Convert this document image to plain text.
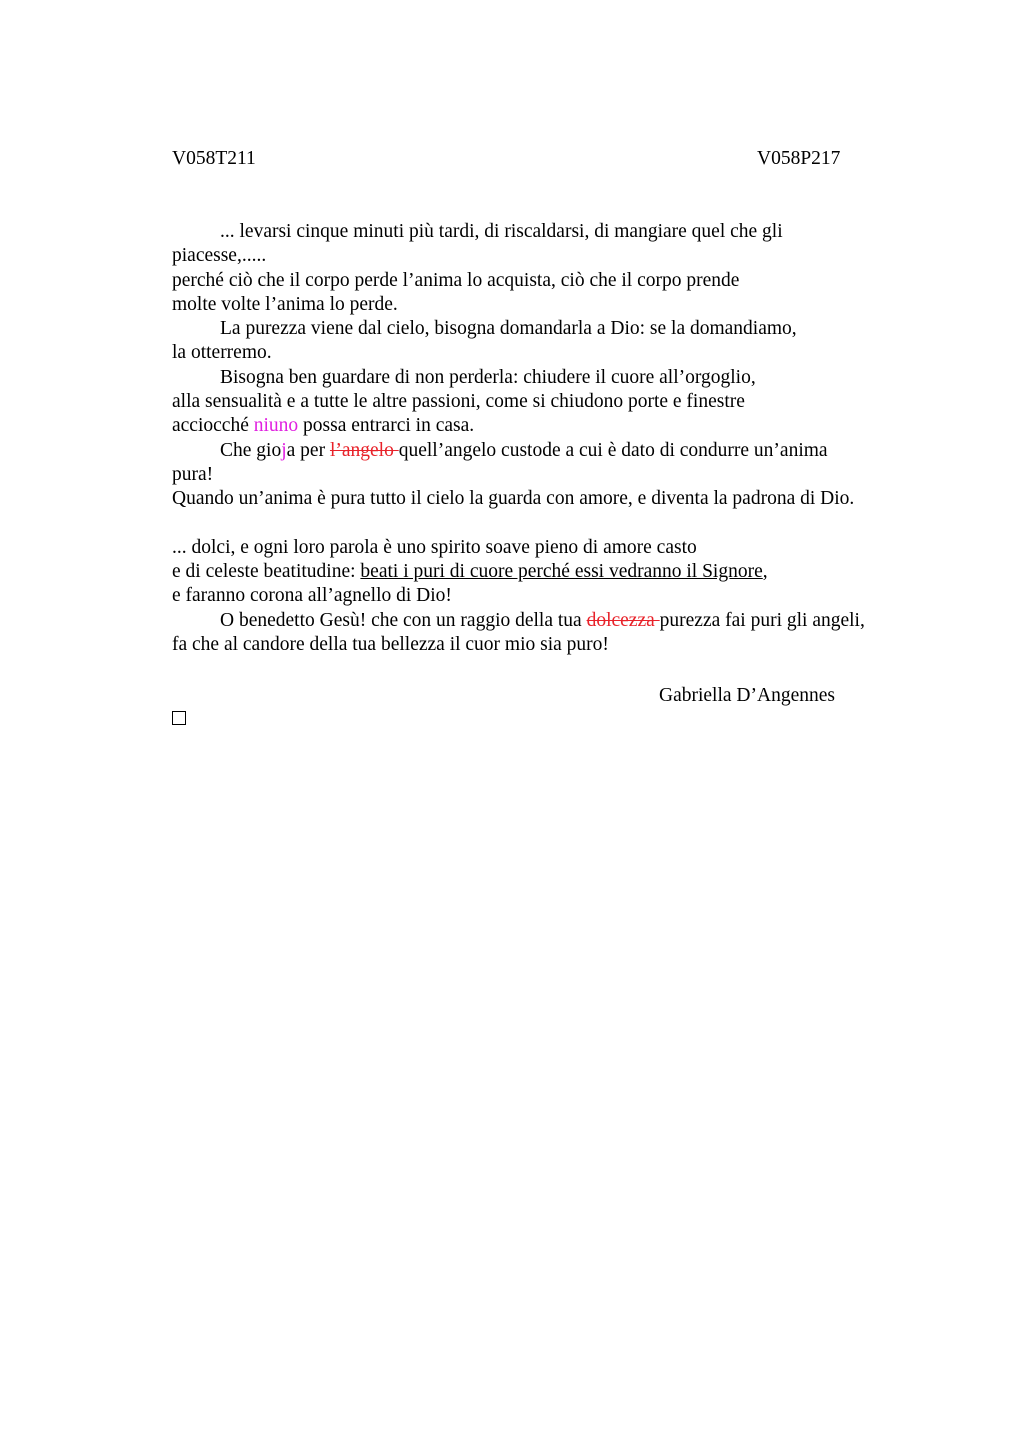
V058T211	V058P217
... levarsi cinque minuti più tardi, di riscaldarsi, di mangiare quel che gli
piacesse,.....
perché ciò che il corpo perde l’anima lo acquista, ciò che il corpo prende
molte volte l’anima lo perde.
La purezza viene dal cielo, bisogna domandarla a Dio: se la domandiamo,
la otterremo.
Bisogna ben guardare di non perderla: chiudere il cuore all’orgoglio,
alla sensualità e a tutte le altre passioni, come si chiudono porte e finestre
acciocché niuno possa entrarci in casa.
Che gioja per l’angelo quell’angelo custode a cui è dato di condurre un’anima
pura!
Quando un’anima è pura tutto il cielo la guarda con amore, e diventa la padrona di Dio.
... dolci, e ogni loro parola è uno spirito soave pieno di amore casto
e di celeste beatitudine: beati i puri di cuore perché essi vedranno il Signore,
e faranno corona all’agnello di Dio!
O benedetto Gesù! che con un raggio della tua dolcezza purezza fai puri gli angeli,
fa che al candore della tua bellezza il cuor mio sia puro!
Gabriella D’Angennes
